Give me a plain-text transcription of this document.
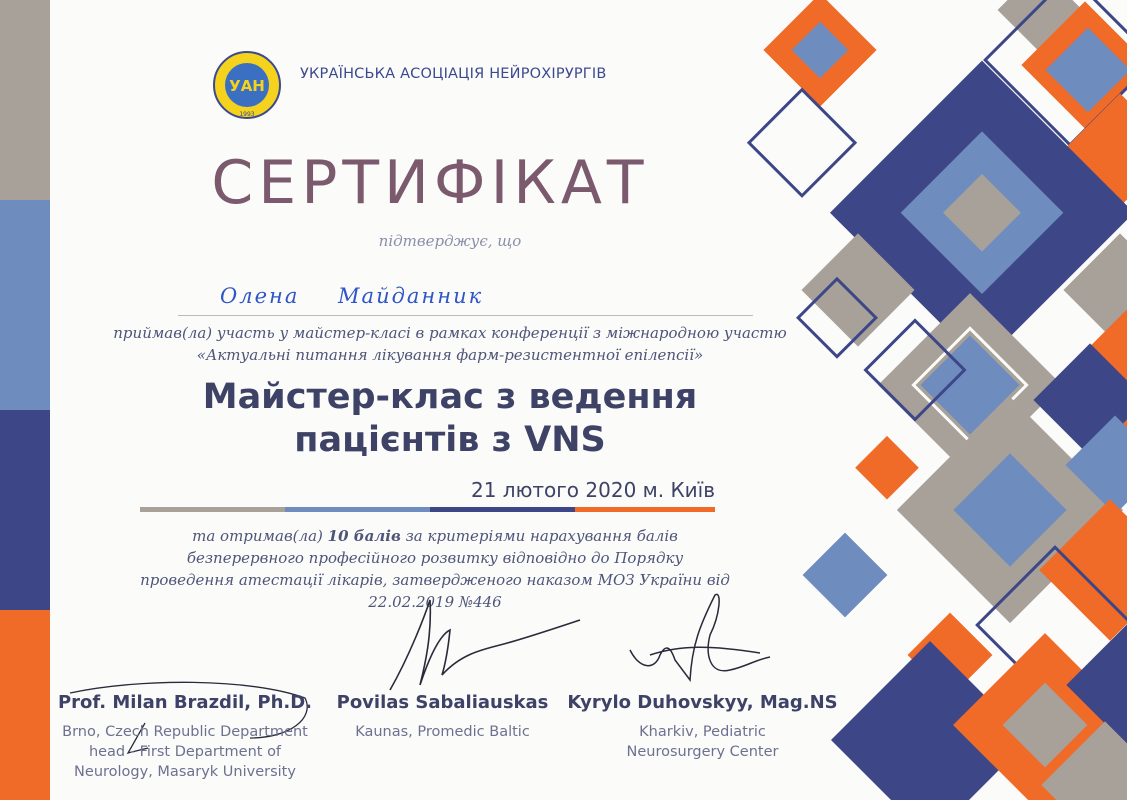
УАН
1993
УКРАЇНСЬКА АСОЦІАЦІЯ НЕЙРОХІРУРГІВ
СЕРТИФІКАТ
підтверджує, що
Олена Майданник
приймав(ла) участь у майстер-класі в рамках конференції з міжнародною участю «Актуальні питання лікування фарм-резистентної епілепсії»
Майстер-клас з ведення пацієнтів з VNS
21 лютого 2020 м. Київ
та отримав(ла) 10 балів за критеріями нарахування балів безперервного професійного розвитку відповідно до Порядку проведення атестації лікарів, затвердженого наказом МОЗ України від 22.02.2019 №446
Prof. Milan Brazdil, Ph.D.
Brno, Czech Republic Department head - First Department of Neurology, Masaryk University
Povilas Sabaliauskas
Kaunas, Promedic Baltic
Kyrylo Duhovskyy, Mag.NS
Kharkiv, Pediatric Neurosurgery Center
